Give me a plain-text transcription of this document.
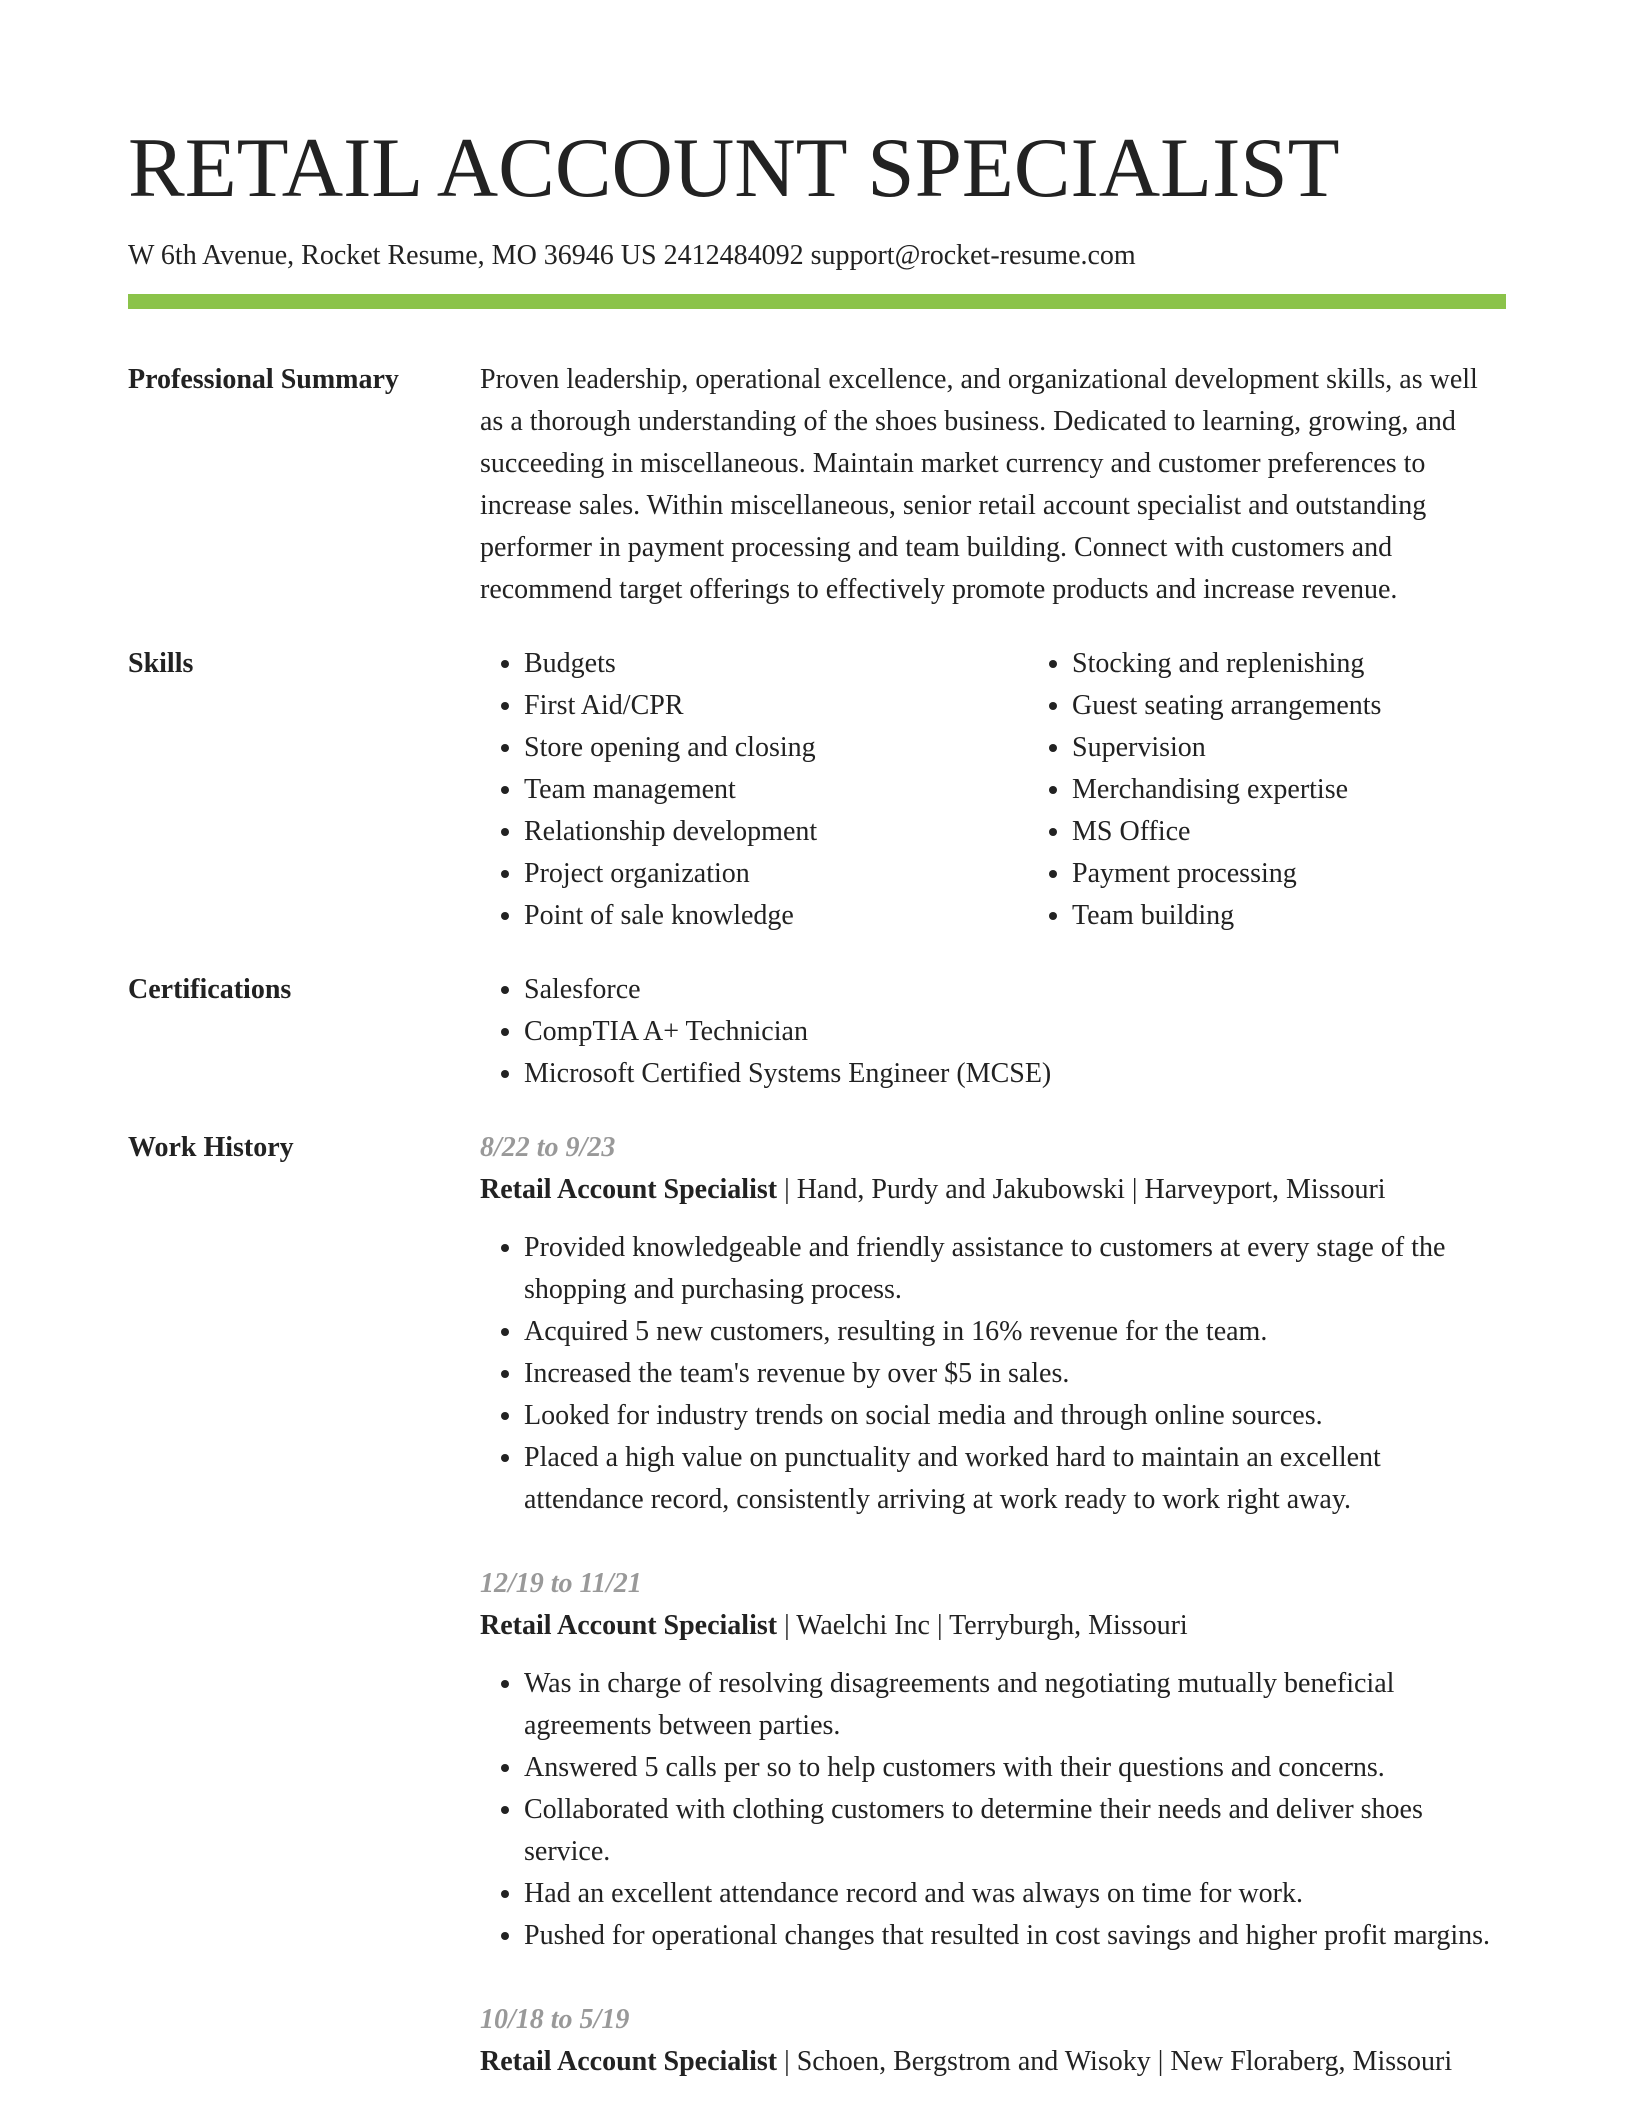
RETAIL ACCOUNT SPECIALIST
W 6th Avenue, Rocket Resume, MO 36946 US 2412484092 support@rocket-resume.com
Professional Summary	Proven leadership, operational excellence, and organizational development skills, as well as a thorough understanding of the shoes business. Dedicated to learning, growing, and succeeding in miscellaneous. Maintain market currency and customer preferences to increase sales. Within miscellaneous, senior retail account specialist and outstanding performer in payment processing and team building. Connect with customers and recommend target offerings to effectively promote products and increase revenue.
Skills	• Budgets
• First Aid/CPR
• Store opening and closing
• Team management
• Relationship development
• Project organization
• Point of sale knowledge
• Stocking and replenishing
• Guest seating arrangements
• Supervision
• Merchandising expertise
• MS Office
• Payment processing
• Team building
Certifications	• Salesforce
• CompTIA A+ Technician
• Microsoft Certified Systems Engineer (MCSE)
Work History	8/22 to 9/23
Retail Account Specialist | Hand, Purdy and Jakubowski | Harveyport, Missouri
• Provided knowledgeable and friendly assistance to customers at every stage of the shopping and purchasing process.
• Acquired 5 new customers, resulting in 16% revenue for the team.
• Increased the team's revenue by over $5 in sales.
• Looked for industry trends on social media and through online sources.
• Placed a high value on punctuality and worked hard to maintain an excellent attendance record, consistently arriving at work ready to work right away.
12/19 to 11/21
Retail Account Specialist | Waelchi Inc | Terryburgh, Missouri
• Was in charge of resolving disagreements and negotiating mutually beneficial agreements between parties.
• Answered 5 calls per so to help customers with their questions and concerns.
• Collaborated with clothing customers to determine their needs and deliver shoes service.
• Had an excellent attendance record and was always on time for work.
• Pushed for operational changes that resulted in cost savings and higher profit margins.
10/18 to 5/19
Retail Account Specialist | Schoen, Bergstrom and Wisoky | New Floraberg, Missouri
